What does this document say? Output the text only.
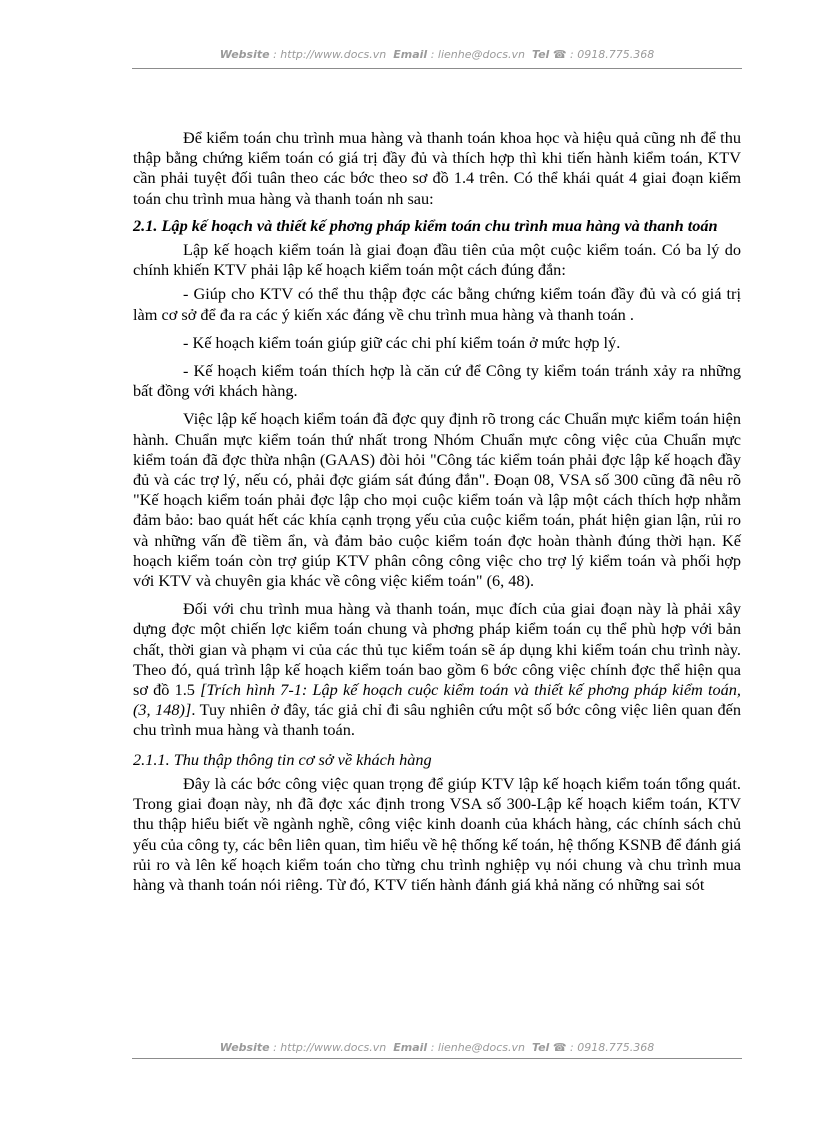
Website : http://www.docs.vn Email : lienhe@docs.vn Tel ☎ : 0918.775.368

Để kiểm toán chu trình mua hàng và thanh toán khoa học và hiệu quả cũng nh để thu thập bằng chứng kiểm toán có giá trị đầy đủ và thích hợp thì khi tiến hành kiểm toán, KTV cần phải tuyệt đối tuân theo các bớc theo sơ đồ 1.4 trên. Có thể khái quát 4 giai đoạn kiểm toán chu trình mua hàng và thanh toán nh sau:

2.1. Lập kế hoạch và thiết kế phơng pháp kiểm toán chu trình mua hàng và thanh toán

Lập kế hoạch kiểm toán là giai đoạn đầu tiên của một cuộc kiểm toán. Có ba lý do chính khiến KTV phải lập kế hoạch kiểm toán một cách đúng đắn:

- Giúp cho KTV có thể thu thập đợc các bằng chứng kiểm toán đầy đủ và có giá trị làm cơ sở để đa ra các ý kiến xác đáng về chu trình mua hàng và thanh toán .

- Kế hoạch kiểm toán giúp giữ các chi phí kiểm toán ở mức hợp lý.

- Kế hoạch kiểm toán thích hợp là căn cứ để Công ty kiểm toán tránh xảy ra những bất đồng với khách hàng.

Việc lập kế hoạch kiểm toán đã đợc quy định rõ trong các Chuẩn mực kiểm toán hiện hành. Chuẩn mực kiểm toán thứ nhất trong Nhóm Chuẩn mực công việc của Chuẩn mực kiểm toán đã đợc thừa nhận (GAAS) đòi hỏi "Công tác kiểm toán phải đợc lập kế hoạch đầy đủ và các trợ lý, nếu có, phải đợc giám sát đúng đắn". Đoạn 08, VSA số 300 cũng đã nêu rõ "Kế hoạch kiểm toán phải đợc lập cho mọi cuộc kiểm toán và lập một cách thích hợp nhằm đảm bảo: bao quát hết các khía cạnh trọng yếu của cuộc kiểm toán, phát hiện gian lận, rủi ro và những vấn đề tiềm ẩn, và đảm bảo cuộc kiểm toán đợc hoàn thành đúng thời hạn. Kế hoạch kiểm toán còn trợ giúp KTV phân công công việc cho trợ lý kiểm toán và phối hợp với KTV và chuyên gia khác về công việc kiểm toán" (6, 48).

Đối với chu trình mua hàng và thanh toán, mục đích của giai đoạn này là phải xây dựng đợc một chiến lợc kiểm toán chung và phơng pháp kiểm toán cụ thể phù hợp với bản chất, thời gian và phạm vi của các thủ tục kiểm toán sẽ áp dụng khi kiểm toán chu trình này. Theo đó, quá trình lập kế hoạch kiểm toán bao gồm 6 bớc công việc chính đợc thể hiện qua sơ đồ 1.5 [Trích hình 7-1: Lập kế hoạch cuộc kiểm toán và thiết kế phơng pháp kiểm toán, (3, 148)]. Tuy nhiên ở đây, tác giả chỉ đi sâu nghiên cứu một số bớc công việc liên quan đến chu trình mua hàng và thanh toán.

2.1.1. Thu thập thông tin cơ sở về khách hàng

Đây là các bớc công việc quan trọng để giúp KTV lập kế hoạch kiểm toán tổng quát. Trong giai đoạn này, nh đã đợc xác định trong VSA số 300-Lập kế hoạch kiểm toán, KTV thu thập hiểu biết về ngành nghề, công việc kinh doanh của khách hàng, các chính sách chủ yếu của công ty, các bên liên quan, tìm hiểu về hệ thống kế toán, hệ thống KSNB để đánh giá rủi ro và lên kế hoạch kiểm toán cho từng chu trình nghiệp vụ nói chung và chu trình mua hàng và thanh toán nói riêng. Từ đó, KTV tiến hành đánh giá khả năng có những sai sót

Website : http://www.docs.vn Email : lienhe@docs.vn Tel ☎ : 0918.775.368
